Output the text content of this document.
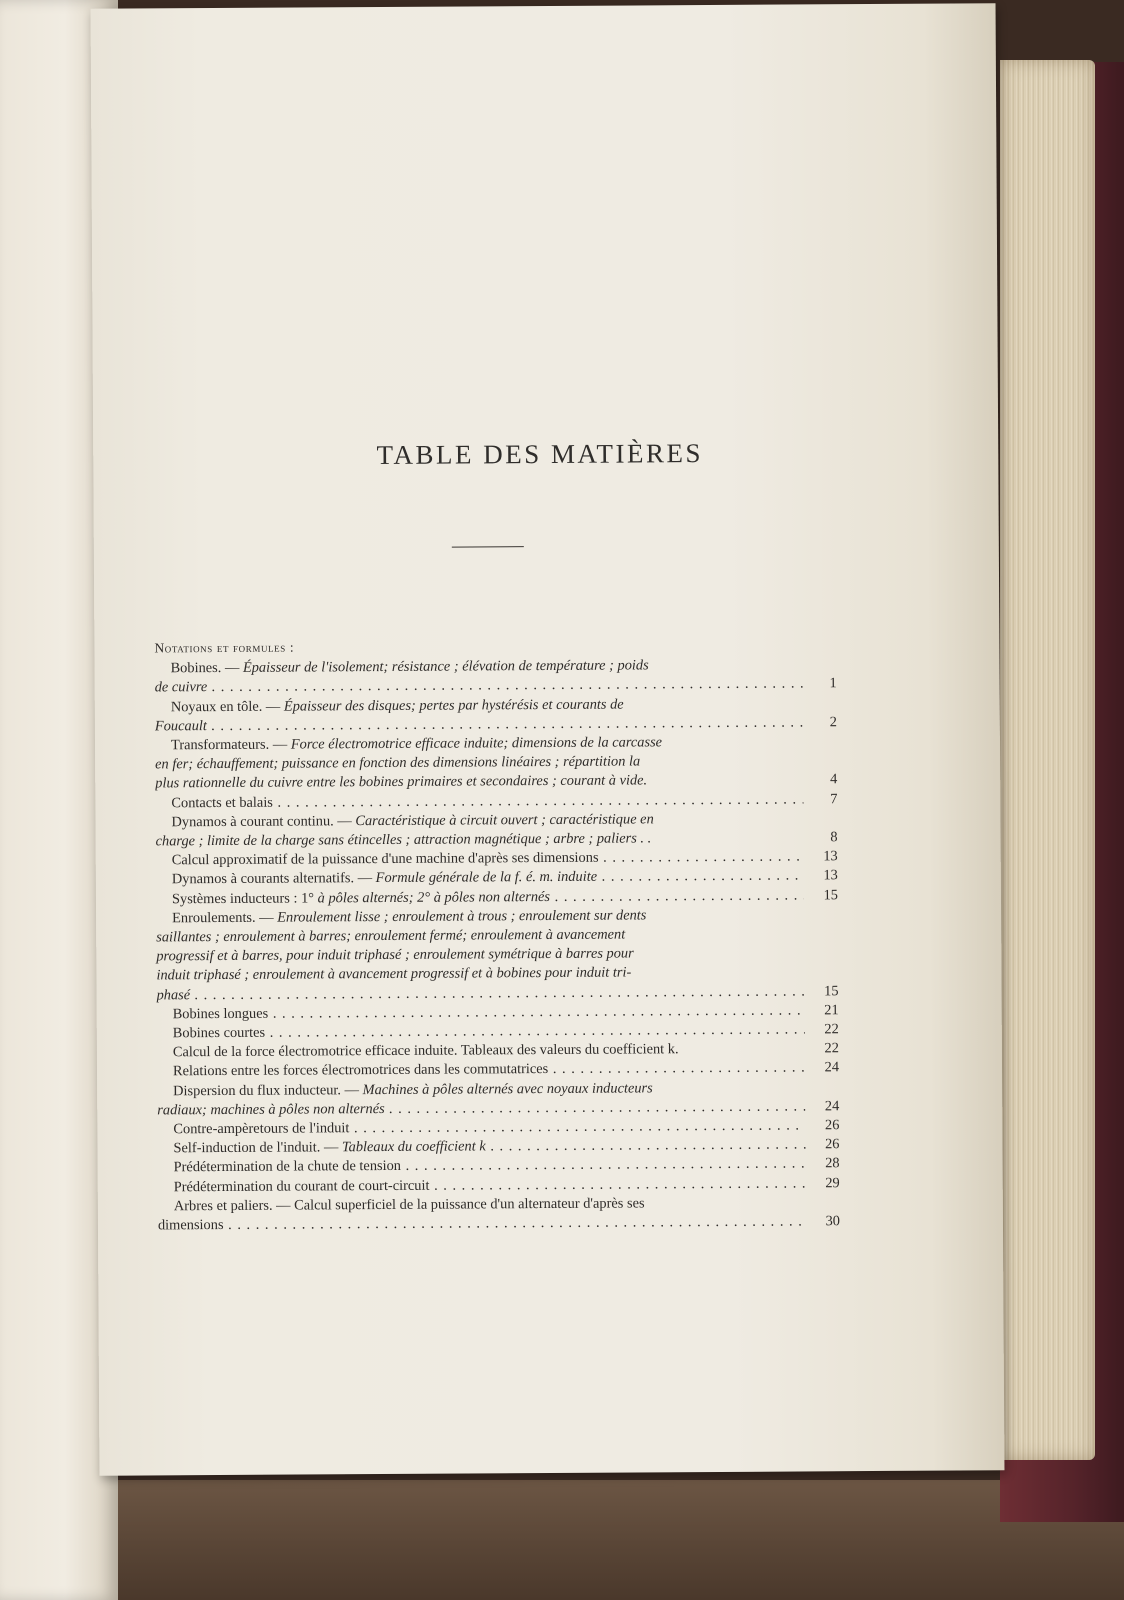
TABLE DES MATIÈRES
Notations et formules :
Bobines. — Épaisseur de l'isolement; résistance ; élévation de température ; poids
de cuivre . . .	1
Noyaux en tôle. — Épaisseur des disques; pertes par hystérésis et courants de
Foucault . . .	2
Transformateurs. — Force électromotrice efficace induite; dimensions de la carcasse
en fer; échauffement; puissance en fonction des dimensions linéaires ; répartition la
plus rationnelle du cuivre entre les bobines primaires et secondaires ; courant à vide.	4
Contacts et balais . . .	7
Dynamos à courant continu. — Caractéristique à circuit ouvert ; caractéristique en
charge ; limite de la charge sans étincelles ; attraction magnétique ; arbre ; paliers . .	8
Calcul approximatif de la puissance d'une machine d'après ses dimensions . . .	13
Dynamos à courants alternatifs. — Formule générale de la f. é. m. induite . . .	13
Systèmes inducteurs : 1° à pôles alternés; 2° à pôles non alternés . . .	15
Enroulements. — Enroulement lisse ; enroulement à trous ; enroulement sur dents
saillantes ; enroulement à barres; enroulement fermé; enroulement à avancement
progressif et à barres, pour induit triphasé ; enroulement symétrique à barres pour
induit triphasé ; enroulement à avancement progressif et à bobines pour induit tri-
phasé . . .	15
Bobines longues . . .	21
Bobines courtes . . .	22
Calcul de la force électromotrice efficace induite. Tableaux des valeurs du coefficient k.	22
Relations entre les forces électromotrices dans les commutatrices . . .	24
Dispersion du flux inducteur. — Machines à pôles alternés avec noyaux inducteurs
radiaux; machines à pôles non alternés . . .	24
Contre-ampèretours de l'induit . . .	26
Self-induction de l'induit. — Tableaux du coefficient k . . .	26
Prédétermination de la chute de tension . . .	28
Prédétermination du courant de court-circuit . . .	29
Arbres et paliers. — Calcul superficiel de la puissance d'un alternateur d'après ses
dimensions . . .	30
